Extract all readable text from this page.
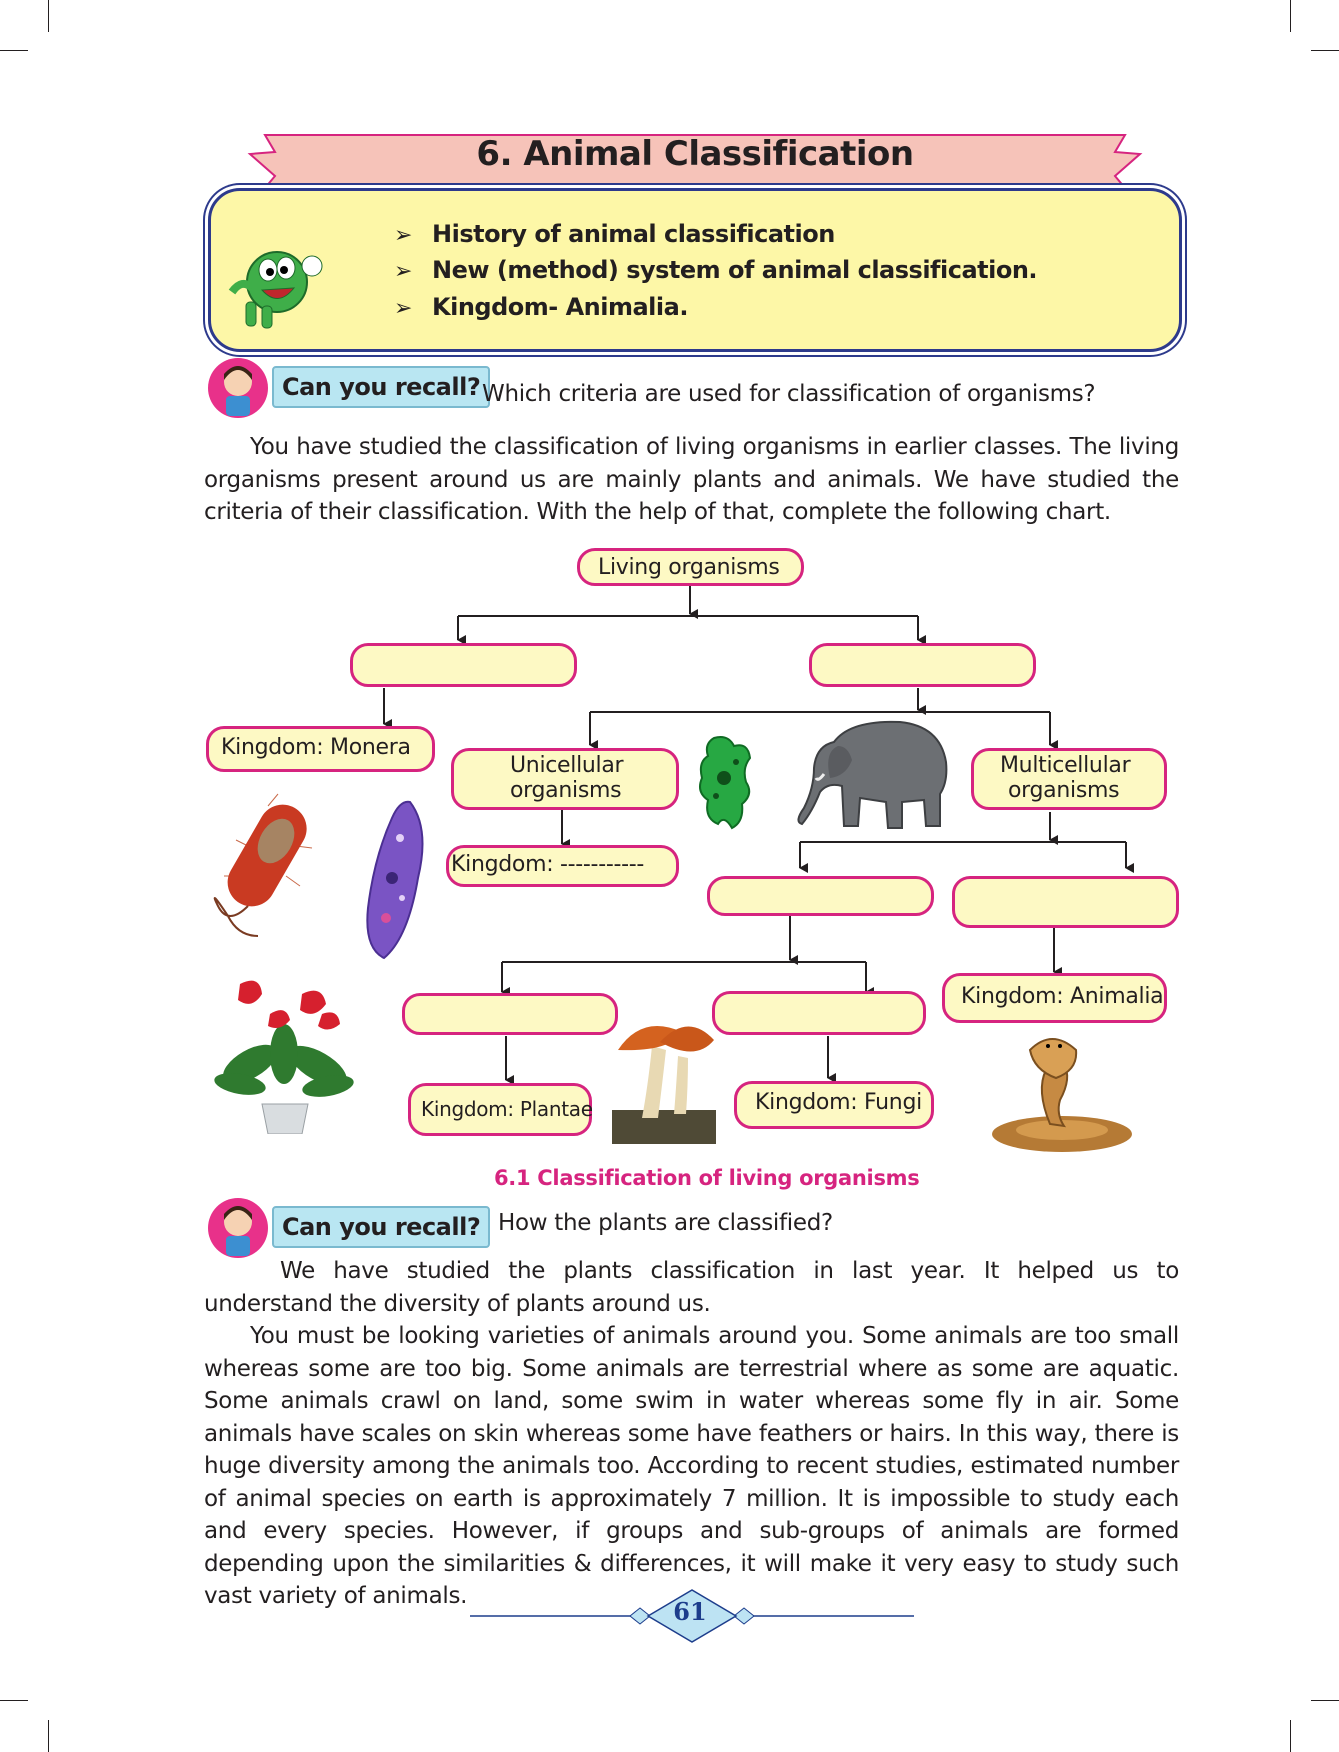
6. Animal Classification
➢ History of animal classification
➢ New (method) system of animal classification.
➢ Kingdom- Animalia.
Can you recall? Which criteria are used for classification of organisms?
You have studied the classification of living organisms in earlier classes. The living organisms present around us are mainly plants and animals. We have studied the criteria of their classification. With the help of that, complete the following chart.
Living organisms
Kingdom: Monera
Unicellular
organisms
Multicellular
organisms
Kingdom: -----------
Kingdom: Animalia
Kingdom: Plantae	Kingdom: Fungi
6.1 Classification of living organisms
Can you recall? How the plants are classified?
We have studied the plants classification in last year. It helped us to understand the diversity of plants around us.
You must be looking varieties of animals around you. Some animals are too small whereas some are too big. Some animals are terrestrial where as some are aquatic. Some animals crawl on land, some swim in water whereas some fly in air. Some animals have scales on skin whereas some have feathers or hairs. In this way, there is huge diversity among the animals too. According to recent studies, estimated number of animal species on earth is approximately 7 million. It is impossible to study each and every species. However, if groups and sub-groups of animals are formed depending upon the similarities & differences, it will make it very easy to study such vast variety of animals.
61
